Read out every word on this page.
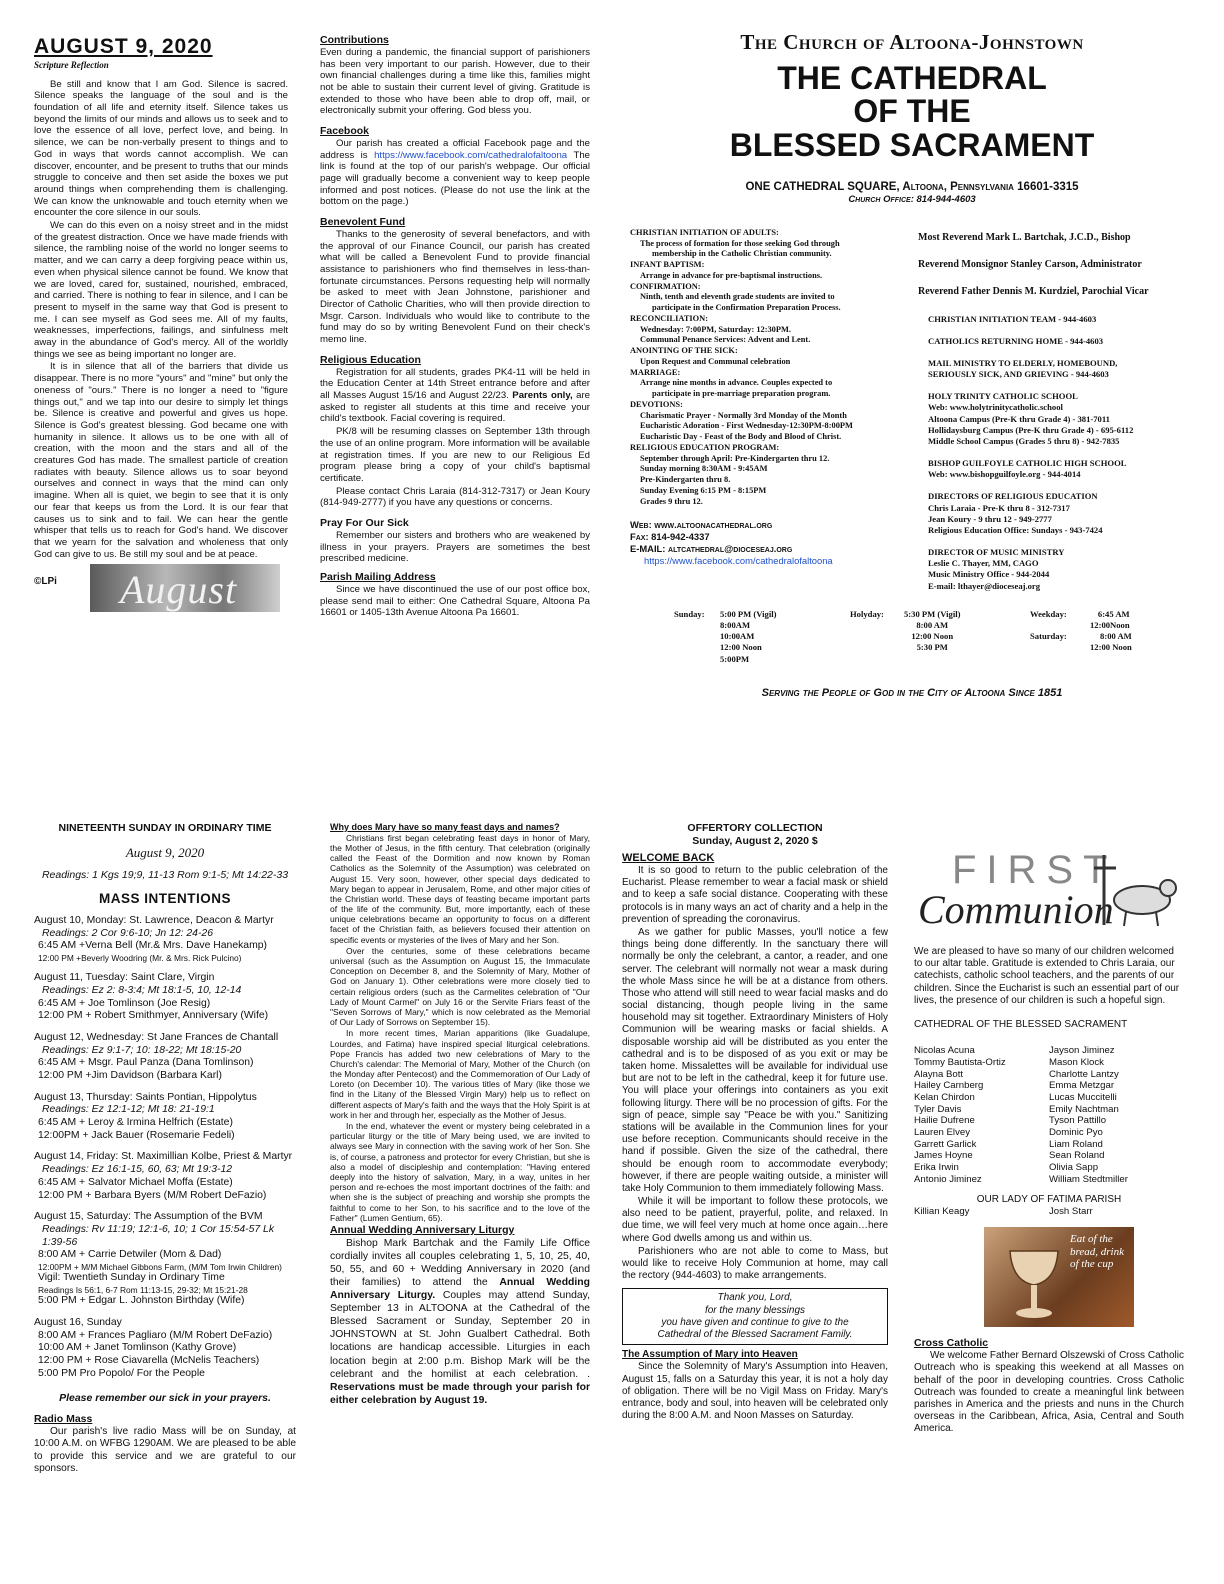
AUGUST 9, 2020
Scripture Reflection
Be still and know that I am God. Silence is sacred. Silence speaks the language of the soul and is the foundation of all life and eternity itself. Silence takes us beyond the limits of our minds and allows us to seek and to love the essence of all love, perfect love, and being. In silence, we can be non-verbally present to things and to God in ways that words cannot accomplish. We can discover, encounter, and be present to truths that our minds struggle to conceive and then set aside the boxes we put around things when comprehending them is challenging. We can know the unknowable and touch eternity when we encounter the core silence in our souls.
We can do this even on a noisy street and in the midst of the greatest distraction. Once we have made friends with silence, the rambling noise of the world no longer seems to matter, and we can carry a deep forgiving peace within us, even when physical silence cannot be found. We know that we are loved, cared for, sustained, nourished, embraced, and carried. There is nothing to fear in silence, and I can be present to myself in the same way that God is present to me. I can see myself as God sees me. All of my faults, weaknesses, imperfections, failings, and sinfulness melt away in the abundance of God's mercy. All of the worldly things we see as being important no longer are.
It is in silence that all of the barriers that divide us disappear. There is no more "yours" and "mine" but only the oneness of "ours." There is no longer a need to "figure things out," and we tap into our desire to simply let things be. Silence is creative and powerful and gives us hope. Silence is God's greatest blessing. God became one with humanity in silence. It allows us to be one with all of creation, with the moon and the stars and all of the creatures God has made. The smallest particle of creation radiates with beauty. Silence allows us to soar beyond ourselves and connect in ways that the mind can only imagine. When all is quiet, we begin to see that it is only our fear that keeps us from the Lord. It is our fear that causes us to sink and to fail. We can hear the gentle whisper that tells us to reach for God's hand. We discover that we yearn for the salvation and wholeness that only God can give to us. Be still my soul and be at peace.
©LPi	August
Contributions
Even during a pandemic, the financial support of parishioners has been very important to our parish. However, due to their own financial challenges during a time like this, families might not be able to sustain their current level of giving. Gratitude is extended to those who have been able to drop off, mail, or electronically submit your offering. God bless you.
Facebook
Our parish has created a official Facebook page and the address is https://www.facebook.com/cathedralofaltoona The link is found at the top of our parish's webpage. Our official page will gradually become a convenient way to keep people informed and post notices. (Please do not use the link at the bottom on the page.)
Benevolent Fund
Thanks to the generosity of several benefactors, and with the approval of our Finance Council, our parish has created what will be called a Benevolent Fund to provide financial assistance to parishioners who find themselves in less-than-fortunate circumstances. Persons requesting help will normally be asked to meet with Jean Johnstone, parishioner and Director of Catholic Charities, who will then provide direction to Msgr. Carson. Individuals who would like to contribute to the fund may do so by writing Benevolent Fund on their check's memo line.
Religious Education
Registration for all students, grades PK4-11 will be held in the Education Center at 14th Street entrance before and after all Masses August 15/16 and August 22/23. Parents only, are asked to register all students at this time and receive your child's textbook. Facial covering is required.
PK/8 will be resuming classes on September 13th through the use of an online program. More information will be available at registration times. If you are new to our Religious Ed program please bring a copy of your child's baptismal certificate.
Please contact Chris Laraia (814-312-7317) or Jean Koury (814-949-2777) if you have any questions or concerns.
Pray For Our Sick
Remember our sisters and brothers who are weakened by illness in your prayers. Prayers are sometimes the best prescribed medicine.
Parish Mailing Address
Since we have discontinued the use of our post office box, please send mail to either: One Cathedral Square, Altoona Pa 16601 or 1405-13th Avenue Altoona Pa 16601.
The Church of Altoona-Johnstown
THE CATHEDRAL
OF THE
BLESSED SACRAMENT
ONE CATHEDRAL SQUARE, Altoona, Pennsylvania 16601-3315
Church Office: 814-944-4603
CHRISTIAN INITIATION OF ADULTS:
The process of formation for those seeking God through
membership in the Catholic Christian community.
INFANT BAPTISM:
Arrange in advance for pre-baptismal instructions.
CONFIRMATION:
Ninth, tenth and eleventh grade students are invited to
participate in the Confirmation Preparation Process.
RECONCILIATION:
Wednesday: 7:00PM, Saturday: 12:30PM.
Communal Penance Services: Advent and Lent.
ANOINTING OF THE SICK:
Upon Request and Communal celebration
MARRIAGE:
Arrange nine months in advance. Couples expected to
participate in pre-marriage preparation program.
DEVOTIONS:
Charismatic Prayer - Normally 3rd Monday of the Month
Eucharistic Adoration - First Wednesday-12:30PM-8:00PM
Eucharistic Day - Feast of the Body and Blood of Christ.
RELIGIOUS EDUCATION PROGRAM:
September through April: Pre-Kindergarten thru 12.
Sunday morning 8:30AM - 9:45AM
Pre-Kindergarten thru 8.
Sunday Evening 6:15 PM - 8:15PM
Grades 9 thru 12.
Web: www.altoonacathedral.org
Fax: 814-942-4337
E-MAIL: altcathedral@dioceseaj.org
https://www.facebook.com/cathedralofaltoona
Most Reverend Mark L. Bartchak, J.C.D., Bishop
Reverend Monsignor Stanley Carson, Administrator
Reverend Father Dennis M. Kurdziel, Parochial Vicar
CHRISTIAN INITIATION TEAM - 944-4603
CATHOLICS RETURNING HOME - 944-4603
MAIL MINISTRY TO ELDERLY, HOMEBOUND,
SERIOUSLY SICK, AND GRIEVING - 944-4603
HOLY TRINITY CATHOLIC SCHOOL
Web: www.holytrinitycatholic.school
Altoona Campus (Pre-K thru Grade 4) - 381-7011
Hollidaysburg Campus (Pre-K thru Grade 4) - 695-6112
Middle School Campus (Grades 5 thru 8) - 942-7835
BISHOP GUILFOYLE CATHOLIC HIGH SCHOOL
Web: www.bishopguilfoyle.org - 944-4014
DIRECTORS OF RELIGIOUS EDUCATION
Chris Laraia - Pre-K thru 8 - 312-7317
Jean Koury - 9 thru 12 - 949-2777
Religious Education Office: Sundays - 943-7424
DIRECTOR OF MUSIC MINISTRY
Leslie C. Thayer, MM, CAGO
Music Ministry Office - 944-2044
E-mail: lthayer@dioceseaj.org
Sunday:	5:00 PM (Vigil)
8:00AM
10:00AM
12:00 Noon
5:00PM
Holyday:	5:30 PM (Vigil)
8:00 AM
12:00 Noon
5:30 PM
Weekday:	6:45 AM
12:00Noon
Saturday:	8:00 AM
12:00 Noon
Serving the People of God in the City of Altoona Since 1851
NINETEENTH SUNDAY IN ORDINARY TIME
August 9, 2020
Readings: 1 Kgs 19;9, 11-13 Rom 9:1-5; Mt 14:22-33
MASS INTENTIONS
August 10, Monday: St. Lawrence, Deacon & Martyr
Readings: 2 Cor 9:6-10; Jn 12: 24-26
6:45 AM +Verna Bell (Mr.& Mrs. Dave Hanekamp)
12:00 PM +Beverly Woodring (Mr. & Mrs. Rick Pulcino)
August 11, Tuesday: Saint Clare, Virgin
Readings: Ez 2: 8-3:4; Mt 18:1-5, 10, 12-14
6:45 AM + Joe Tomlinson (Joe Resig)
12:00 PM + Robert Smithmyer, Anniversary (Wife)
August 12, Wednesday: St Jane Frances de Chantall
Readings: Ez 9:1-7; 10: 18-22; Mt 18:15-20
6:45 AM + Msgr. Paul Panza (Dana Tomlinson)
12:00 PM +Jim Davidson (Barbara Karl)
August 13, Thursday: Saints Pontian, Hippolytus
Readings: Ez 12:1-12; Mt 18: 21-19:1
6:45 AM + Leroy & Irmina Helfrich (Estate)
12:00PM + Jack Bauer (Rosemarie Fedeli)
August 14, Friday: St. Maximillian Kolbe, Priest & Martyr
Readings: Ez 16:1-15, 60, 63; Mt 19:3-12
6:45 AM + Salvator Michael Moffa (Estate)
12:00 PM + Barbara Byers (M/M Robert DeFazio)
August 15, Saturday: The Assumption of the BVM
Readings: Rv 11:19; 12:1-6, 10; 1 Cor 15:54-57 Lk 1:39-56
8:00 AM + Carrie Detwiler (Mom & Dad)
12:00PM + M/M Michael Gibbons Farm, (M/M Tom Irwin Children)
Vigil: Twentieth Sunday in Ordinary Time
Readings Is 56:1, 6-7 Rom 11:13-15, 29-32; Mt 15:21-28
5:00 PM + Edgar L. Johnston Birthday (Wife)
August 16, Sunday
8:00 AM + Frances Pagliaro (M/M Robert DeFazio)
10:00 AM + Janet Tomlinson (Kathy Grove)
12:00 PM + Rose Ciavarella (McNelis Teachers)
5:00 PM Pro Popolo/ For the People
Please remember our sick in your prayers.
Radio Mass
Our parish's live radio Mass will be on Sunday, at 10:00 A.M. on WFBG 1290AM. We are pleased to be able to provide this service and we are grateful to our sponsors.
Why does Mary have so many feast days and names?
Christians first began celebrating feast days in honor of Mary, the Mother of Jesus, in the fifth century. That celebration (originally called the Feast of the Dormition and now known by Roman Catholics as the Solemnity of the Assumption) was celebrated on August 15. Very soon, however, other special days dedicated to Mary began to appear in Jerusalem, Rome, and other major cities of the Christian world. These days of feasting became important parts of the life of the community. But, more importantly, each of these unique celebrations became an opportunity to focus on a different facet of the Christian faith, as believers focused their attention on specific events or mysteries of the lives of Mary and her Son.
Over the centuries, some of these celebrations became universal (such as the Assumption on August 15, the Immaculate Conception on December 8, and the Solemnity of Mary, Mother of God on January 1). Other celebrations were more closely tied to certain religious orders (such as the Carmelites celebration of "Our Lady of Mount Carmel" on July 16 or the Servite Friars feast of the "Seven Sorrows of Mary," which is now celebrated as the Memorial of Our Lady of Sorrows on September 15).
In more recent times, Marian apparitions (like Guadalupe, Lourdes, and Fatima) have inspired special liturgical celebrations. Pope Francis has added two new celebrations of Mary to the Church's calendar: The Memorial of Mary, Mother of the Church (on the Monday after Pentecost) and the Commemoration of Our Lady of Loreto (on December 10). The various titles of Mary (like those we find in the Litany of the Blessed Virgin Mary) help us to reflect on different aspects of Mary's faith and the ways that the Holy Spirit is at work in her and through her, especially as the Mother of Jesus.
In the end, whatever the event or mystery being celebrated in a particular liturgy or the title of Mary being used, we are invited to always see Mary in connection with the saving work of her Son. She is, of course, a patroness and protector for every Christian, but she is also a model of discipleship and contemplation: "Having entered deeply into the history of salvation, Mary, in a way, unites in her person and re-echoes the most important doctrines of the faith: and when she is the subject of preaching and worship she prompts the faithful to come to her Son, to his sacrifice and to the love of the Father" (Lumen Gentium, 65).
Annual Wedding Anniversary Liturgy
Bishop Mark Bartchak and the Family Life Office cordially invites all couples celebrating 1, 5, 10, 25, 40, 50, 55, and 60 + Wedding Anniversary in 2020 (and their families) to attend the Annual Wedding Anniversary Liturgy. Couples may attend Sunday, September 13 in ALTOONA at the Cathedral of the Blessed Sacrament or Sunday, September 20 in JOHNSTOWN at St. John Gualbert Cathedral. Both locations are handicap accessible. Liturgies in each location begin at 2:00 p.m. Bishop Mark will be the celebrant and the homilist at each celebration. . Reservations must be made through your parish for either celebration by August 19.
OFFERTORY COLLECTION
Sunday, August 2, 2020 $
WELCOME BACK
It is so good to return to the public celebration of the Eucharist. Please remember to wear a facial mask or shield and to keep a safe social distance. Cooperating with these protocols is in many ways an act of charity and a help in the prevention of spreading the coronavirus.
As we gather for public Masses, you'll notice a few things being done differently. In the sanctuary there will normally be only the celebrant, a cantor, a reader, and one server. The celebrant will normally not wear a mask during the whole Mass since he will be at a distance from others. Those who attend will still need to wear facial masks and do social distancing, though people living in the same household may sit together. Extraordinary Ministers of Holy Communion will be wearing masks or facial shields. A disposable worship aid will be distributed as you enter the cathedral and is to be disposed of as you exit or may be taken home. Missalettes will be available for individual use but are not to be left in the cathedral, keep it for future use. You will place your offerings into containers as you exit following liturgy. There will be no procession of gifts. For the sign of peace, simple say "Peace be with you." Sanitizing stations will be available in the Communion lines for your use before reception. Communicants should receive in the hand if possible. Given the size of the cathedral, there should be enough room to accommodate everybody; however, if there are people waiting outside, a minister will take Holy Communion to them immediately following Mass.
While it will be important to follow these protocols, we also need to be patient, prayerful, polite, and relaxed. In due time, we will feel very much at home once again…here where God dwells among us and within us.
Parishioners who are not able to come to Mass, but would like to receive Holy Communion at home, may call the rectory (944-4603) to make arrangements.
Thank you, Lord,
for the many blessings
you have given and continue to give to the
Cathedral of the Blessed Sacrament Family.
The Assumption of Mary into Heaven
Since the Solemnity of Mary's Assumption into Heaven, August 15, falls on a Saturday this year, it is not a holy day of obligation. There will be no Vigil Mass on Friday. Mary's entrance, body and soul, into heaven will be celebrated only during the 8:00 A.M. and Noon Masses on Saturday.
FIRST
Communion
We are pleased to have so many of our children welcomed to our altar table. Gratitude is extended to Chris Laraia, our catechists, catholic school teachers, and the parents of our children. Since the Eucharist is such an essential part of our lives, the presence of our children is such a hopeful sign.
CATHEDRAL OF THE BLESSED SACRAMENT
Nicolas Acuna	Jayson Jiminez
Tommy Bautista-Ortiz	Mason Klock
Alayna Bott	Charlotte Lantzy
Hailey Carnberg	Emma Metzgar
Kelan Chirdon	Lucas Muccitelli
Tyler Davis	Emily Nachtman
Hailie Dufrene	Tyson Pattillo
Lauren Elvey	Dominic Pyo
Garrett Garlick	Liam Roland
James Hoyne	Sean Roland
Erika Irwin	Olivia Sapp
Antonio Jiminez	William Stedtmiller
OUR LADY OF FATIMA PARISH
Killian Keagy	Josh Starr
Eat of the bread, drink of the cup
Cross Catholic
We welcome Father Bernard Olszewski of Cross Catholic Outreach who is speaking this weekend at all Masses on behalf of the poor in developing countries. Cross Catholic Outreach was founded to create a meaningful link between parishes in America and the priests and nuns in the Church overseas in the Caribbean, Africa, Asia, Central and South America.
